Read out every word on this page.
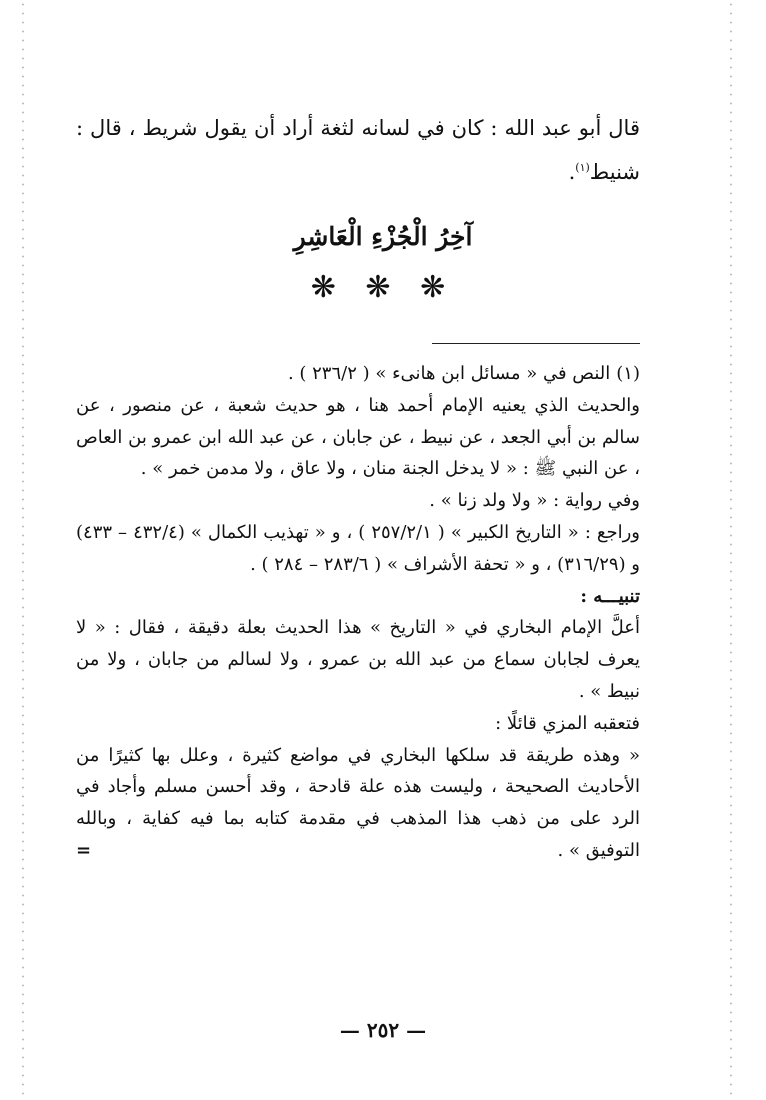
قال أبو عبد الله : كان في لسانه لثغة أراد أن يقول شريط ، قال : شنيط$^{(١)}$.
آخِرُ الْجُزْءِ الْعَاشِرِ
❋ ❋ ❋

(١)النص في « مسائل ابن هانىء » ( ٢٣٦/٢ ) .

والحديث الذي يعنيه الإمام أحمد هنا ، هو حديث شعبة ، عن منصور ، عن سالم بن أبي الجعد ، عن نبيط ، عن جابان ، عن عبد الله ابن عمرو بن العاص ، عن النبي ﷺ : « لا يدخل الجنة منان ، ولا عاق ، ولا مدمن خمر » .

وفي رواية : « ولا ولد زنا » .

وراجع : « التاريخ الكبير » ( ٢٥٧/٢/١ ) ، و « تهذيب الكمال » (٤٣٢/٤ – ٤٣٣) و (٣١٦/٢٩) ، و « تحفة الأشراف » ( ٢٨٣/٦ – ٢٨٤ ) .

تنبيـــه :

أعلَّ الإمام البخاري في « التاريخ » هذا الحديث بعلة دقيقة ، فقال : « لا يعرف لجابان سماع من عبد الله بن عمرو ، ولا لسالم من جابان ، ولا من نبيط » .

فتعقبه المزي قائلًا :

« وهذه طريقة قد سلكها البخاري في مواضع كثيرة ، وعلل بها كثيرًا من الأحاديث الصحيحة ، وليست هذه علة قادحة ، وقد أحسن مسلم وأجاد في الرد على من ذهب هذا المذهب في مقدمة كتابه بما فيه كفاية ، وبالله التوفيق » .
=

— ٢٥٢ —
